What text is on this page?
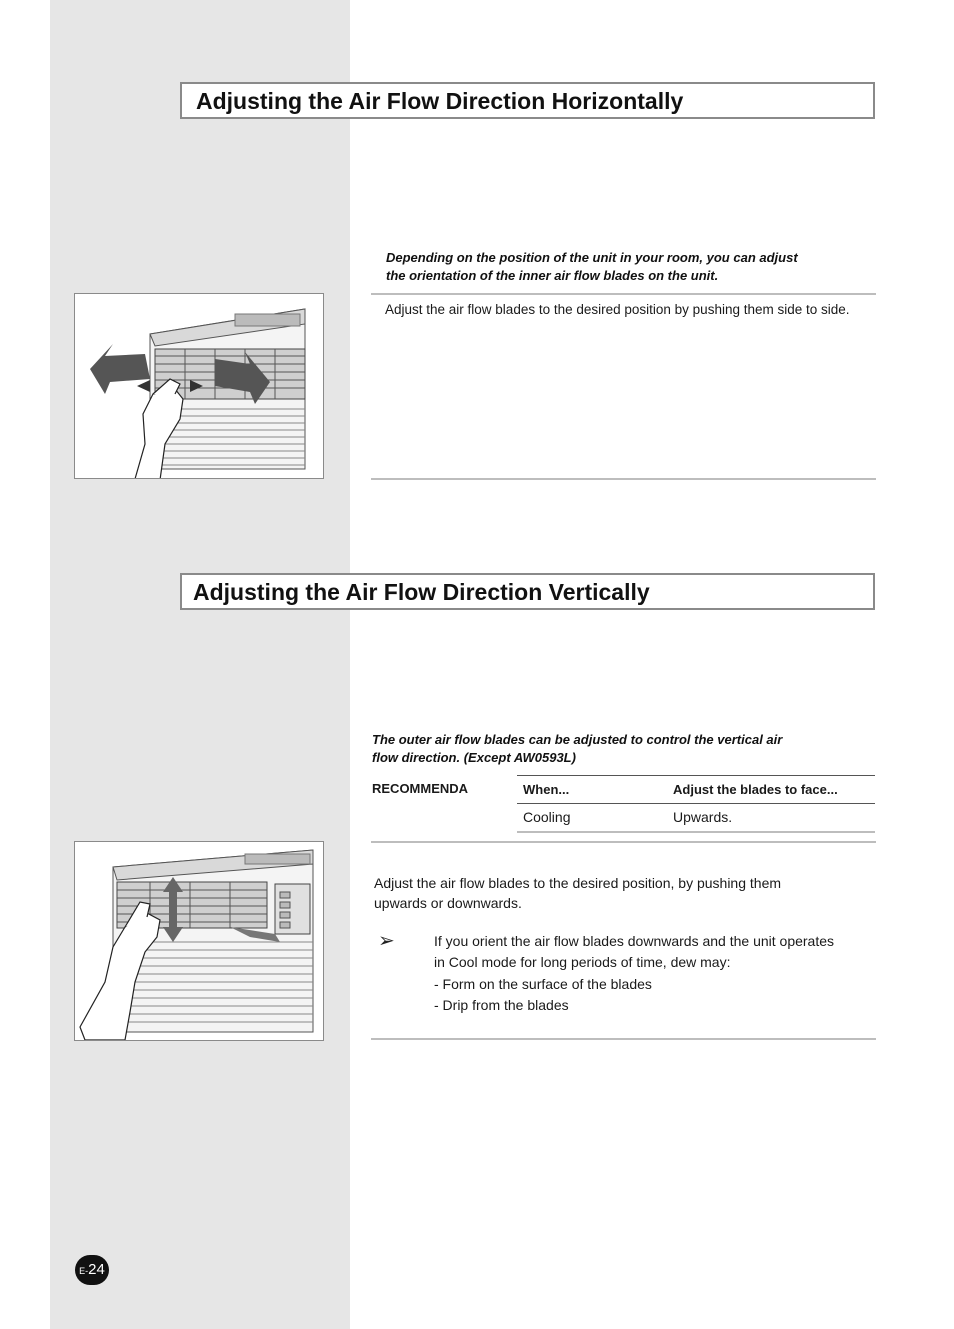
Adjusting the Air Flow Direction Horizontally
Depending on the position of the unit in your room, you can adjust
the orientation of the inner air flow blades on the unit.
Adjust the air flow blades to the desired position by pushing them side to side.
Adjusting the Air Flow Direction Vertically
The outer air flow blades can be adjusted to control the vertical air
flow direction. (Except AW0593L)
RECOMMENDA	When...	Adjust the blades to face...
Cooling	Upwards.
Adjust the air flow blades to the desired position, by pushing them
upwards or downwards.
➢	If you orient the air flow blades downwards and the unit operates
in Cool mode for long periods of time, dew may:
- Form on the surface of the blades
- Drip from the blades
E-24
